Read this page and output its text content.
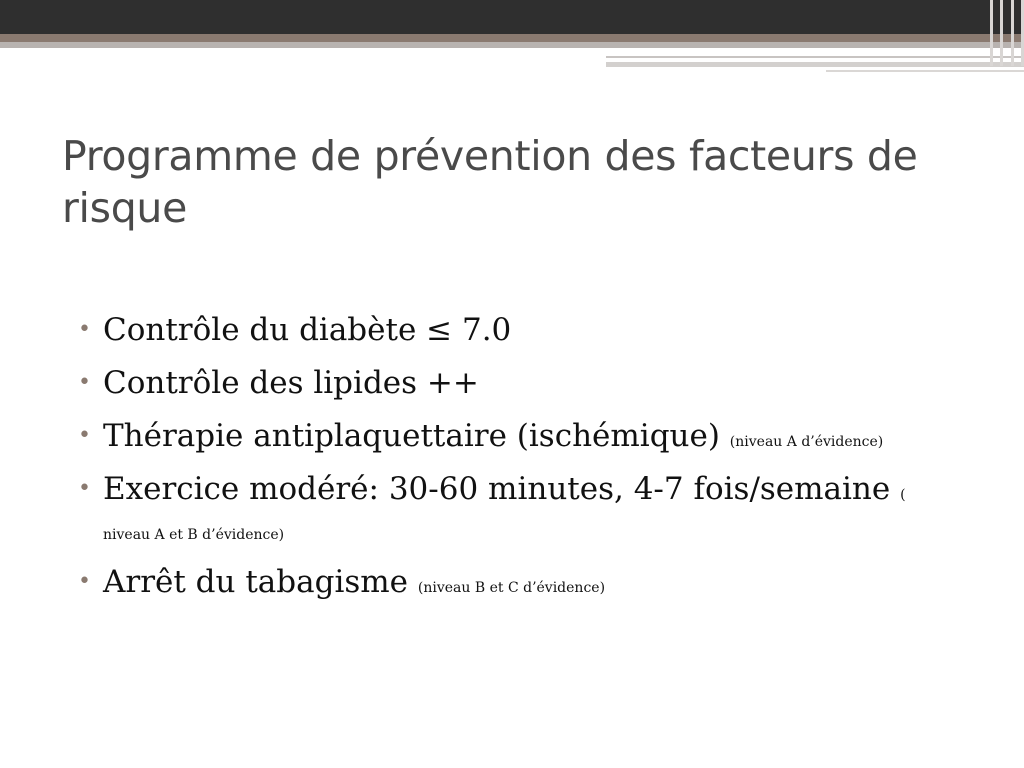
Programme de prévention des facteurs de risque
• Contrôle du diabète ≤ 7.0
• Contrôle des lipides ++
• Thérapie antiplaquettaire (ischémique) (niveau A d’évidence)
• Exercice modéré: 30-60 minutes, 4-7 fois/semaine ( niveau A et B d’évidence)
• Arrêt du tabagisme (niveau B et C d’évidence)
